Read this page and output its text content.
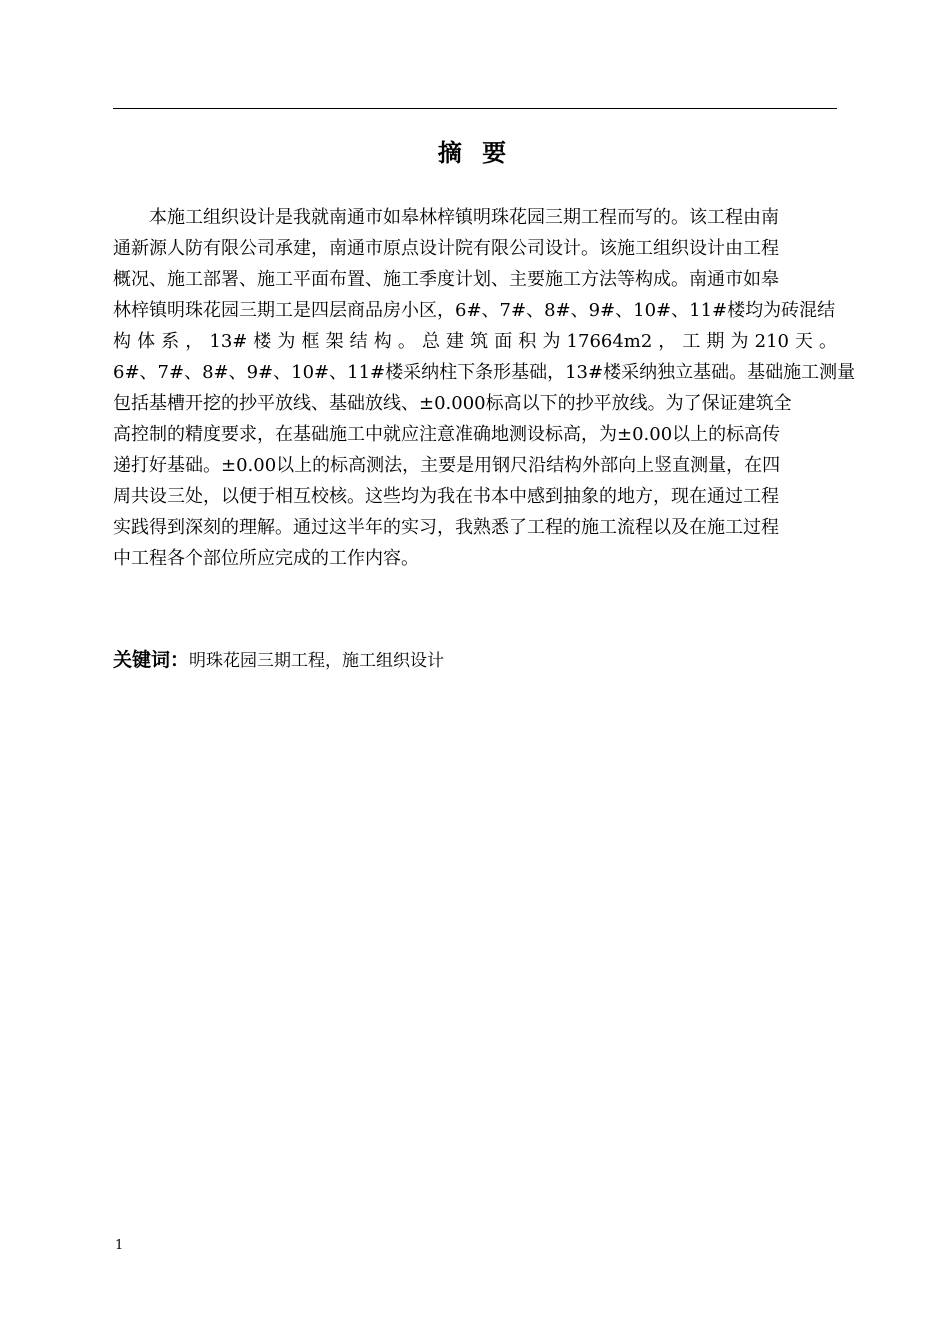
摘 要
本施工组织设计是我就南通市如皋林梓镇明珠花园三期工程而写的。该工程由南
通新源人防有限公司承建，南通市原点设计院有限公司设计。该施工组织设计由工程
概况、施工部署、施工平面布置、施工季度计划、主要施工方法等构成。南通市如皋
林梓镇明珠花园三期工是四层商品房小区，6#、7#、8#、9#、10#、11#楼均为砖混结
构 体 系 ， 13# 楼 为 框 架 结 构 。 总 建 筑 面 积 为 17664m2 ， 工 期 为 210 天 。
6#、7#、8#、9#、10#、11#楼采纳柱下条形基础，13#楼采纳独立基础。基础施工测量
包括基槽开挖的抄平放线、基础放线、±0.000标高以下的抄平放线。为了保证建筑全
高控制的精度要求，在基础施工中就应注意准确地测设标高，为±0.00以上的标高传
递打好基础。±0.00以上的标高测法，主要是用钢尺沿结构外部向上竖直测量，在四
周共设三处，以便于相互校核。这些均为我在书本中感到抽象的地方，现在通过工程
实践得到深刻的理解。通过这半年的实习，我熟悉了工程的施工流程以及在施工过程
中工程各个部位所应完成的工作内容。
关键词：明珠花园三期工程，施工组织设计
1
